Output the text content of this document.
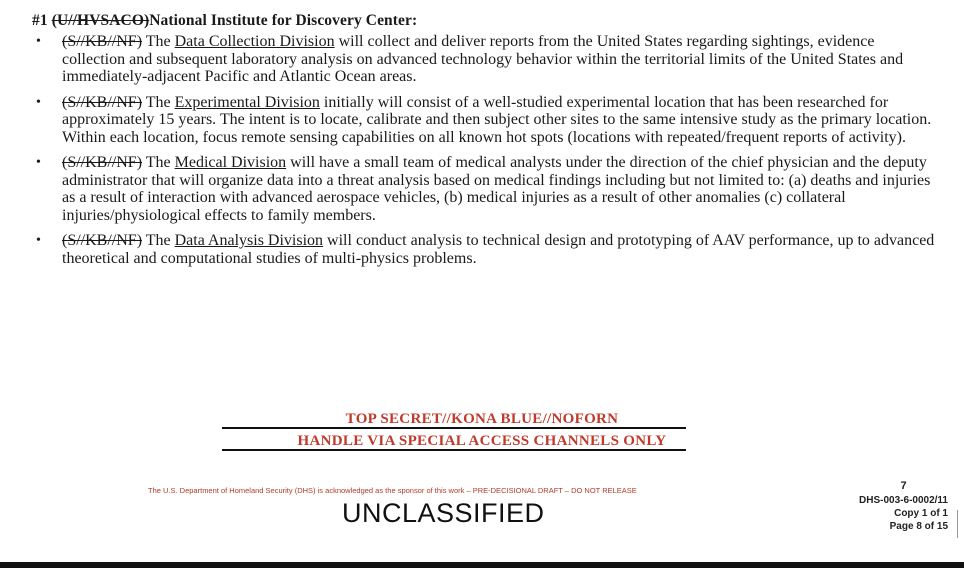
#1 (U//HVSACO)National Institute for Discovery Center:
• (S//KB//NF) The Data Collection Division will collect and deliver reports from the United States regarding sightings, evidence collection and subsequent laboratory analysis on advanced technology behavior within the territorial limits of the United States and immediately-adjacent Pacific and Atlantic Ocean areas.
• (S//KB//NF) The Experimental Division initially will consist of a well-studied experimental location that has been researched for approximately 15 years. The intent is to locate, calibrate and then subject other sites to the same intensive study as the primary location. Within each location, focus remote sensing capabilities on all known hot spots (locations with repeated/frequent reports of activity).
• (S//KB//NF) The Medical Division will have a small team of medical analysts under the direction of the chief physician and the deputy administrator that will organize data into a threat analysis based on medical findings including but not limited to: (a) deaths and injuries as a result of interaction with advanced aerospace vehicles, (b) medical injuries as a result of other anomalies (c) collateral injuries/physiological effects to family members.
• (S//KB//NF) The Data Analysis Division will conduct analysis to technical design and prototyping of AAV performance, up to advanced theoretical and computational studies of multi-physics problems.
TOP SECRET//KONA BLUE//NOFORN
HANDLE VIA SPECIAL ACCESS CHANNELS ONLY
The U.S. Department of Homeland Security (DHS) is acknowledged as the sponsor of this work – PRE-DECISIONAL DRAFT – DO NOT RELEASE
UNCLASSIFIED
7
DHS-003-6-0002/11
Copy 1 of 1
Page 8 of 15
